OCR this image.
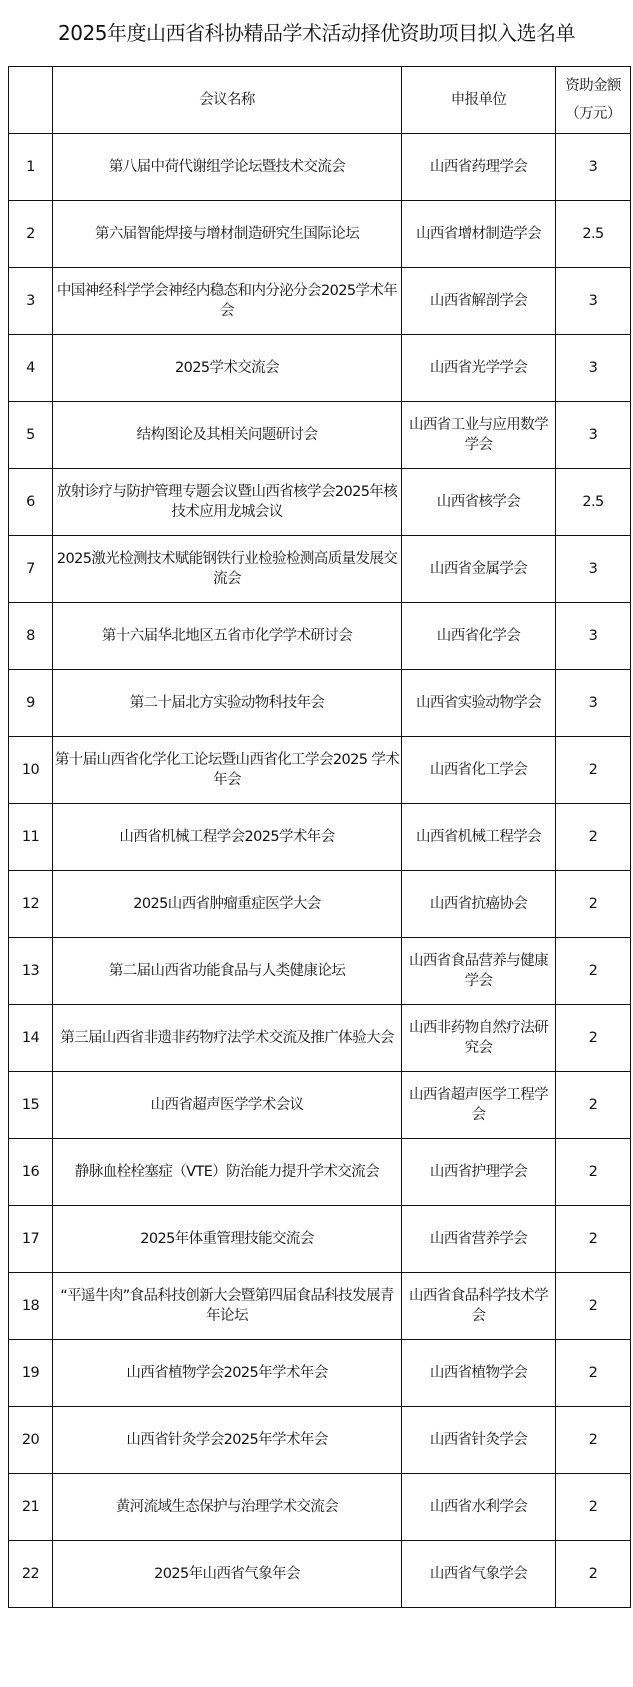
2025年度山西省科协精品学术活动择优资助项目拟入选名单
	会议名称	申报单位	资助金额
（万元）

1	第八届中荷代谢组学论坛暨技术交流会	山西省药理学会	3
2	第六届智能焊接与增材制造研究生国际论坛	山西省增材制造学会	2.5
3	中国神经科学学会神经内稳态和内分泌分会2025学术年会	山西省解剖学会	3
4	2025学术交流会	山西省光学学会	3
5	结构图论及其相关问题研讨会	山西省工业与应用数学学会	3
6	放射诊疗与防护管理专题会议暨山西省核学会2025年核技术应用龙城会议	山西省核学会	2.5
7	2025激光检测技术赋能钢铁行业检验检测高质量发展交流会	山西省金属学会	3
8	第十六届华北地区五省市化学学术研讨会	山西省化学会	3
9	第二十届北方实验动物科技年会	山西省实验动物学会	3
10	第十届山西省化学化工论坛暨山西省化工学会2025 学术年会	山西省化工学会	2
11	山西省机械工程学会2025学术年会	山西省机械工程学会	2
12	2025山西省肿瘤重症医学大会	山西省抗癌协会	2
13	第二届山西省功能食品与人类健康论坛	山西省食品营养与健康学会	2
14	第三届山西省非遗非药物疗法学术交流及推广体验大会	山西非药物自然疗法研究会	2
15	山西省超声医学学术会议	山西省超声医学工程学会	2
16	静脉血栓栓塞症（VTE）防治能力提升学术交流会	山西省护理学会	2
17	2025年体重管理技能交流会	山西省营养学会	2
18	“平遥牛肉”食品科技创新大会暨第四届食品科技发展青年论坛	山西省食品科学技术学会	2
19	山西省植物学会2025年学术年会	山西省植物学会	2
20	山西省针灸学会2025年学术年会	山西省针灸学会	2
21	黄河流域生态保护与治理学术交流会	山西省水利学会	2
22	2025年山西省气象年会	山西省气象学会	2
